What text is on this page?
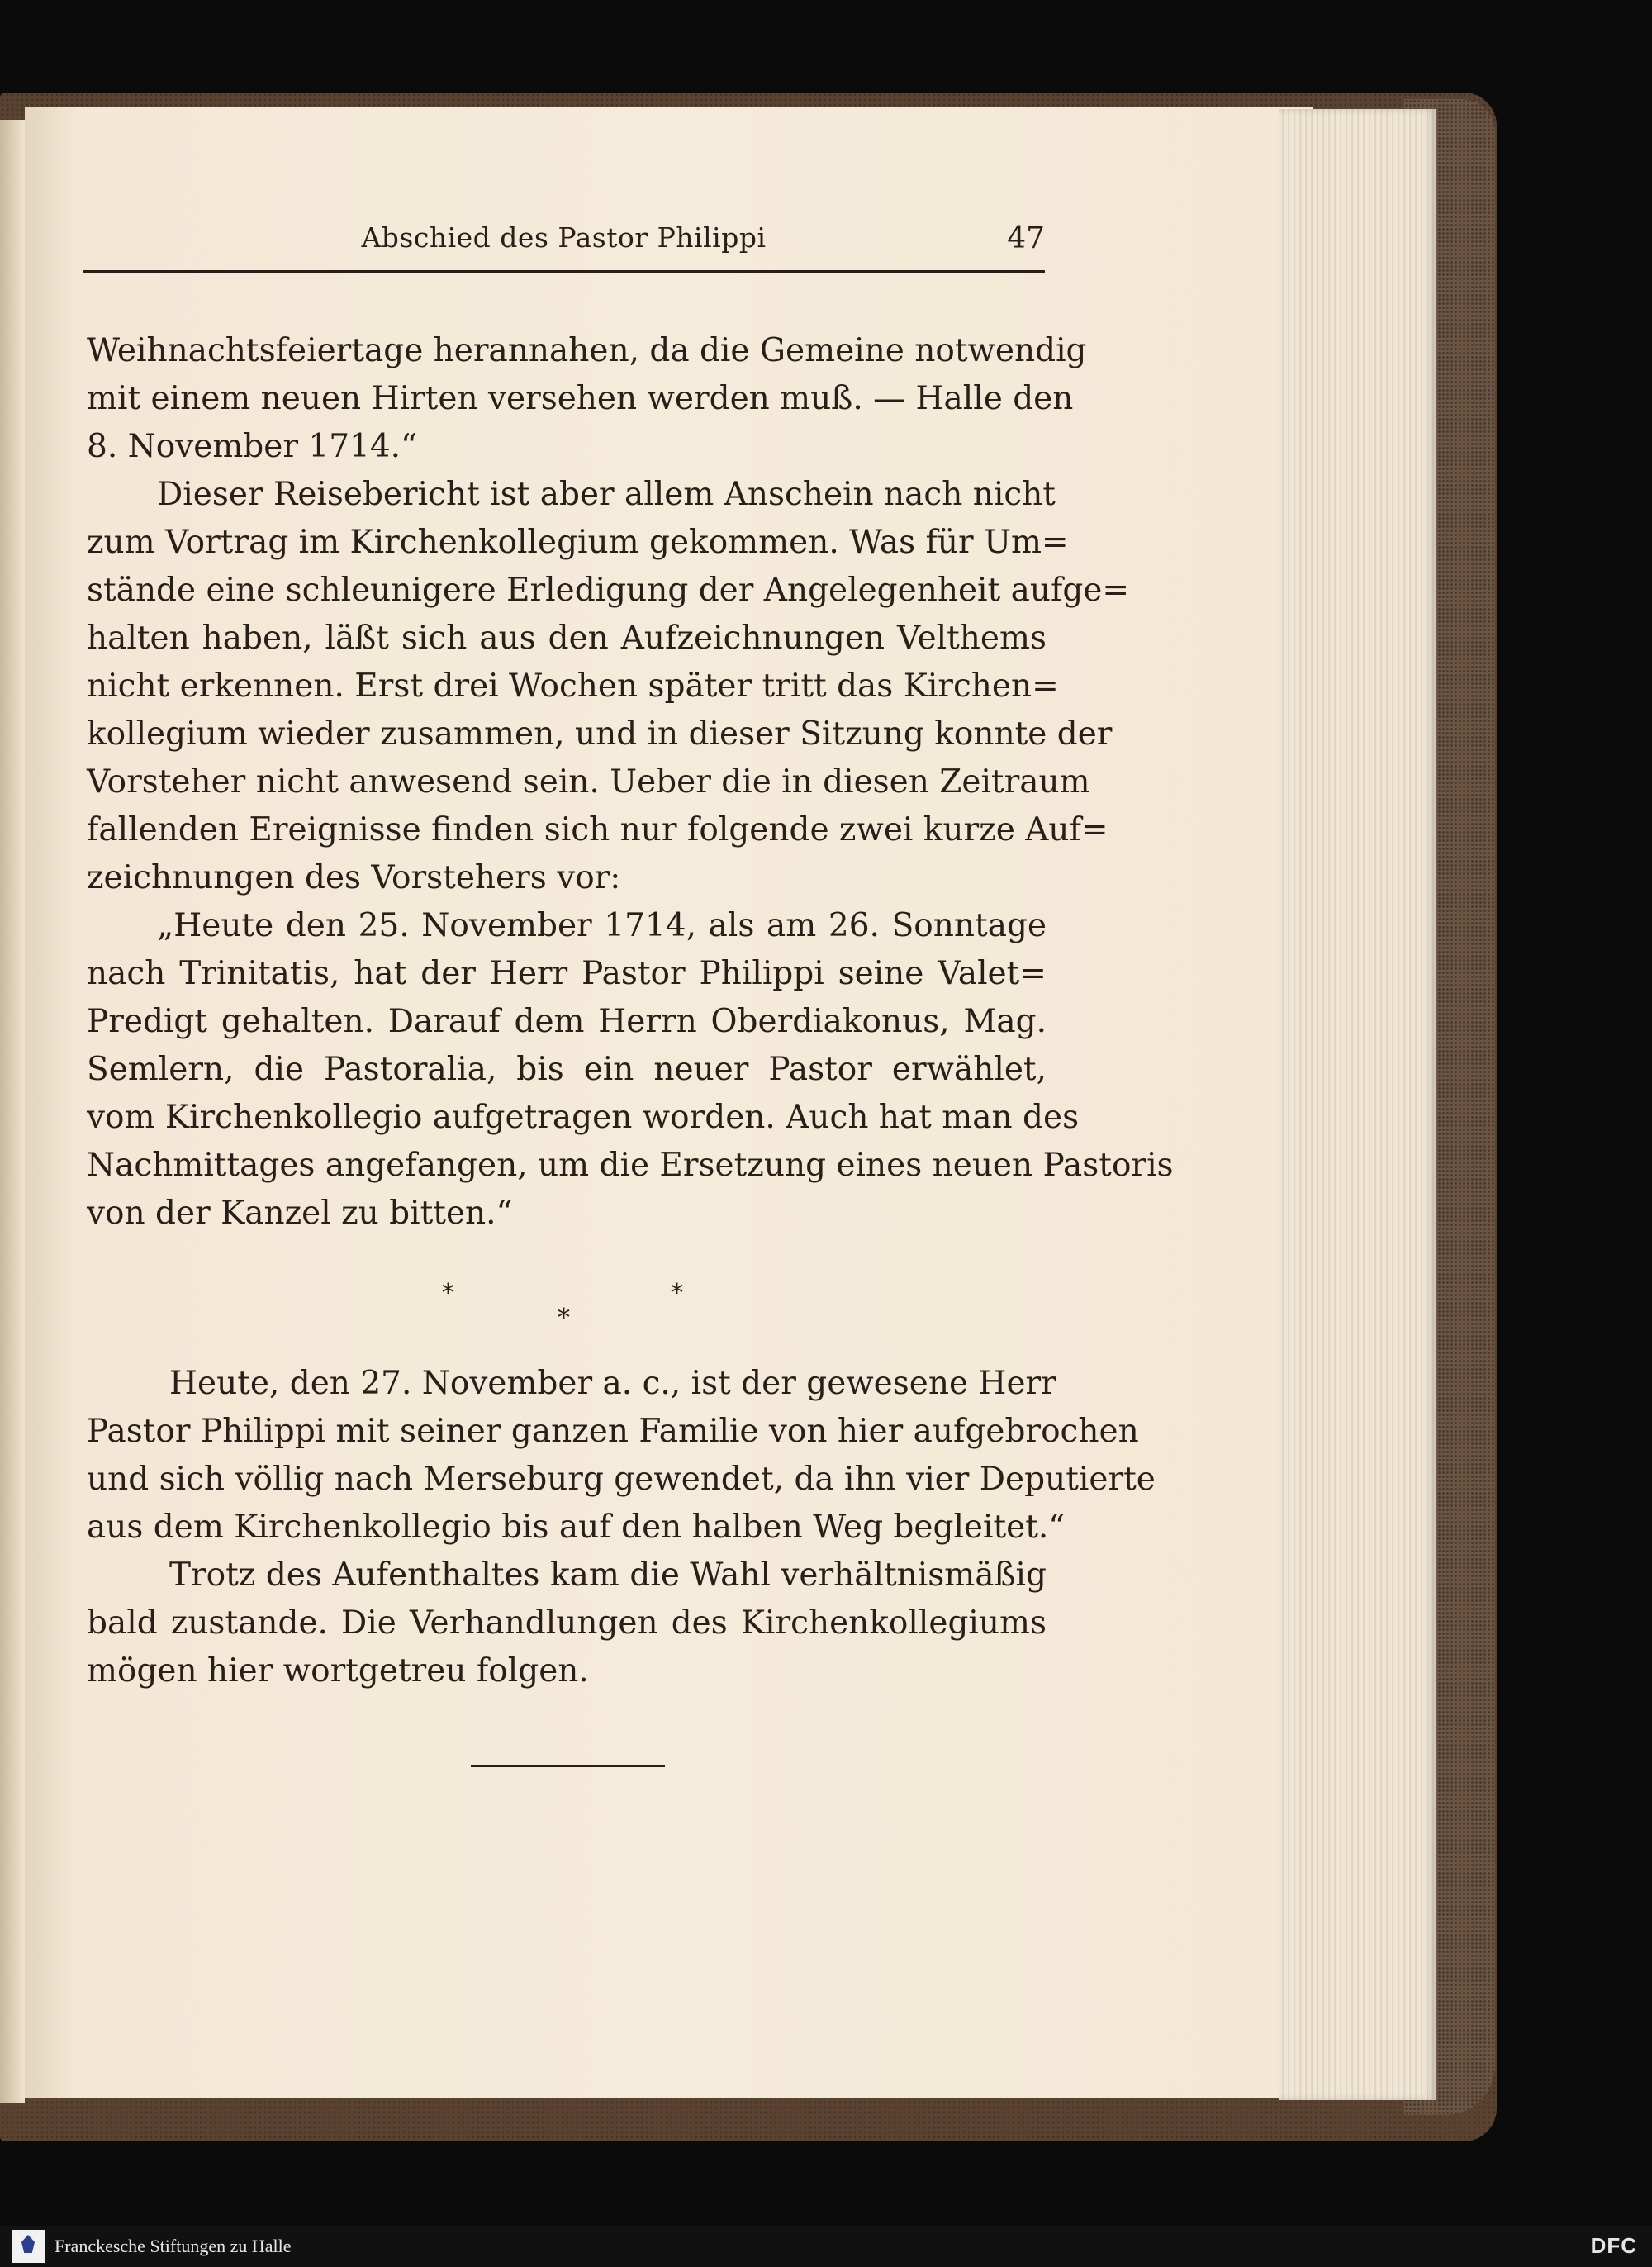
Abschied des Pastor Philippi	47
Weihnachtsfeiertage herannahen, da die Gemeine notwendig
mit einem neuen Hirten versehen werden muß. — Halle den
8. November 1714.“
Dieser Reisebericht ist aber allem Anschein nach nicht
zum Vortrag im Kirchenkollegium gekommen. Was für Um=
stände eine schleunigere Erledigung der Angelegenheit aufge=
halten haben, läßt sich aus den Aufzeichnungen Velthems
nicht erkennen. Erst drei Wochen später tritt das Kirchen=
kollegium wieder zusammen, und in dieser Sitzung konnte der
Vorsteher nicht anwesend sein. Ueber die in diesen Zeitraum
fallenden Ereignisse finden sich nur folgende zwei kurze Auf=
zeichnungen des Vorstehers vor:
„Heute den 25. November 1714, als am 26. Sonntage
nach Trinitatis, hat der Herr Pastor Philippi seine Valet=
Predigt gehalten. Darauf dem Herrn Oberdiakonus, Mag.
Semlern, die Pastoralia, bis ein neuer Pastor erwählet,
vom Kirchenkollegio aufgetragen worden. Auch hat man des
Nachmittages angefangen, um die Ersetzung eines neuen Pastoris
von der Kanzel zu bitten.“
*
*
*
Heute, den 27. November a. c., ist der gewesene Herr
Pastor Philippi mit seiner ganzen Familie von hier aufgebrochen
und sich völlig nach Merseburg gewendet, da ihn vier Deputierte
aus dem Kirchenkollegio bis auf den halben Weg begleitet.“
Trotz des Aufenthaltes kam die Wahl verhältnismäßig
bald zustande. Die Verhandlungen des Kirchenkollegiums
mögen hier wortgetreu folgen.
Franckesche Stiftungen zu Halle	DFC
